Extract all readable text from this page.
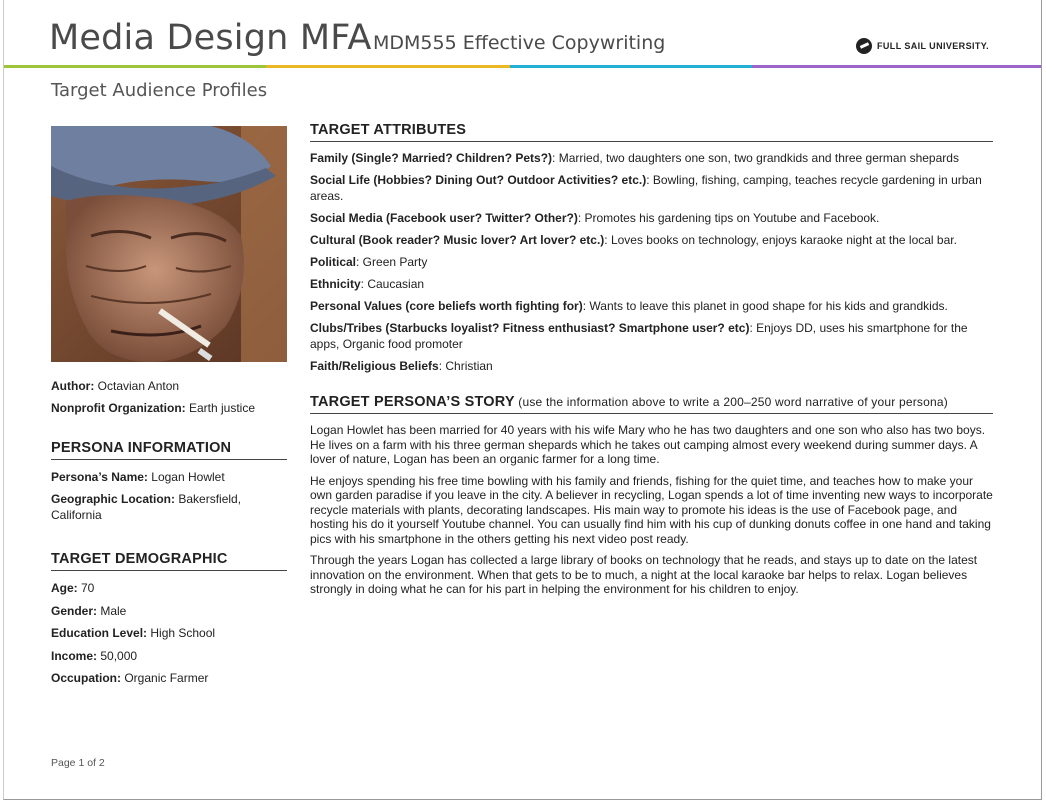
Media Design MFA MDM555 Effective Copywriting	FULL SAIL UNIVERSITY.
Target Audience Profiles
Author: Octavian Anton
Nonprofit Organization: Earth justice
PERSONA INFORMATION
Persona’s Name: Logan Howlet
Geographic Location: Bakersfield, California
TARGET DEMOGRAPHIC
Age: 70
Gender: Male
Education Level: High School
Income: 50,000
Occupation: Organic Farmer
TARGET ATTRIBUTES
Family (Single? Married? Children? Pets?): Married, two daughters one son, two grandkids and three german shepards
Social Life (Hobbies? Dining Out? Outdoor Activities? etc.): Bowling, fishing, camping, teaches recycle gardening in urban areas.
Social Media (Facebook user? Twitter? Other?): Promotes his gardening tips on Youtube and Facebook.
Cultural (Book reader? Music lover? Art lover? etc.): Loves books on technology, enjoys karaoke night at the local bar.
Political: Green Party
Ethnicity: Caucasian
Personal Values (core beliefs worth fighting for): Wants to leave this planet in good shape for his kids and grandkids.
Clubs/Tribes (Starbucks loyalist? Fitness enthusiast? Smartphone user? etc): Enjoys DD, uses his smartphone for the apps, Organic food promoter
Faith/Religious Beliefs: Christian
TARGET PERSONA’S STORY (use the information above to write a 200–250 word narrative of your persona)

Logan Howlet has been married for 40 years with his wife Mary who he has two daughters and one son who also has two boys. He lives on a farm with his three german shepards which he takes out camping almost every weekend during summer days. A lover of nature, Logan has been an organic farmer for a long time.

He enjoys spending his free time bowling with his family and friends, fishing for the quiet time, and teaches how to make your own garden paradise if you leave in the city. A believer in recycling, Logan spends a lot of time inventing new ways to incorporate recycle materials with plants, decorating landscapes. His main way to promote his ideas is the use of Facebook page, and hosting his do it yourself Youtube channel. You can usually find him with his cup of dunking donuts coffee in one hand and taking pics with his smartphone in the others getting his next video post ready.

Through the years Logan has collected a large library of books on technology that he reads, and stays up to date on the latest innovation on the environment. When that gets to be to much, a night at the local karaoke bar helps to relax. Logan believes strongly in doing what he can for his part in helping the environment for his children to enjoy.

Page 1 of 2
